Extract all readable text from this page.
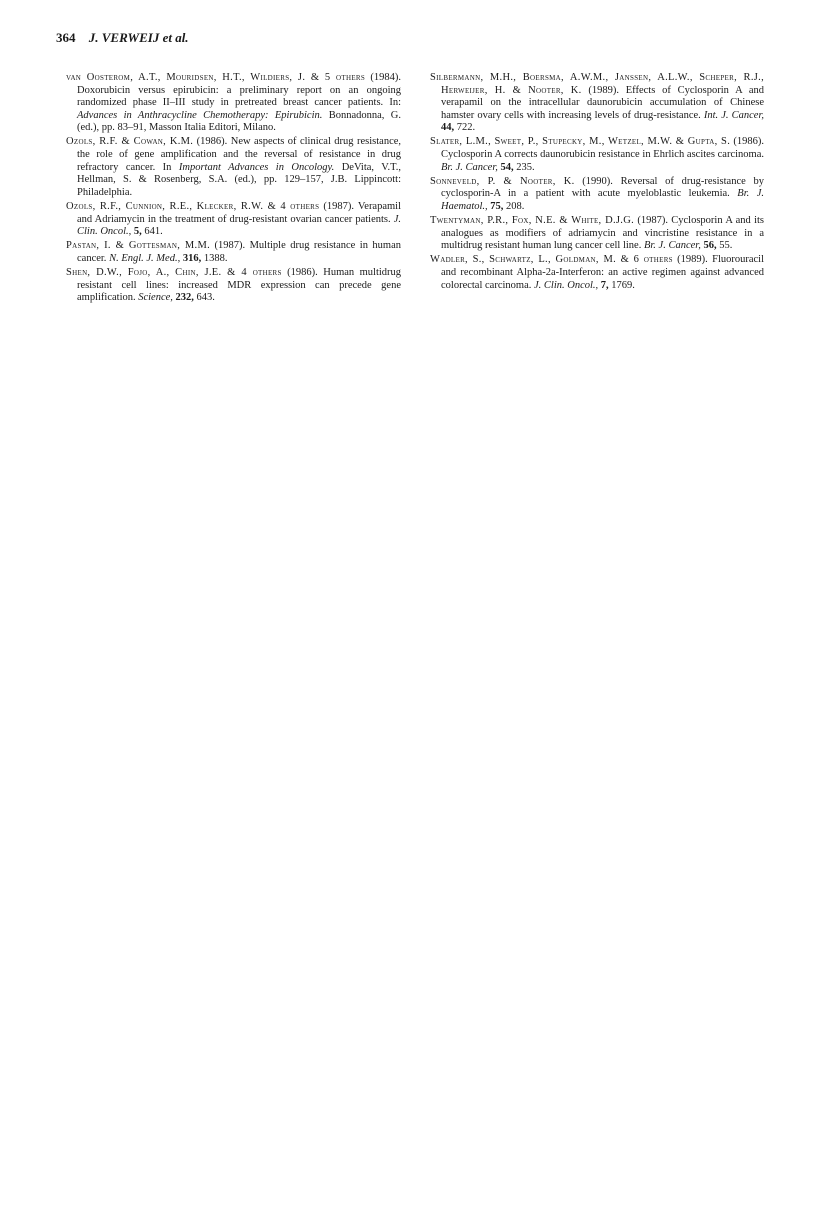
364 J. VERWEIJ et al.

van Oosterom, A.T., Mouridsen, H.T., Wildiers, J. & 5 others (1984). Doxorubicin versus epirubicin: a preliminary report on an ongoing randomized phase II–III study in pretreated breast cancer patients. In: Advances in Anthracycline Chemotherapy: Epirubicin. Bonnadonna, G. (ed.), pp. 83–91, Masson Italia Editori, Milano.

Ozols, R.F. & Cowan, K.M. (1986). New aspects of clinical drug resistance, the role of gene amplification and the reversal of resistance in drug refractory cancer. In Important Advances in Oncology. DeVita, V.T., Hellman, S. & Rosenberg, S.A. (ed.), pp. 129–157, J.B. Lippincott: Philadelphia.

Ozols, R.F., Cunnion, R.E., Klecker, R.W. & 4 others (1987). Verapamil and Adriamycin in the treatment of drug-resistant ovarian cancer patients. J. Clin. Oncol., 5, 641.

Pastan, I. & Gottesman, M.M. (1987). Multiple drug resistance in human cancer. N. Engl. J. Med., 316, 1388.

Shen, D.W., Fojo, A., Chin, J.E. & 4 others (1986). Human multidrug resistant cell lines: increased MDR expression can precede gene amplification. Science, 232, 643.

Silbermann, M.H., Boersma, A.W.M., Janssen, A.L.W., Scheper, R.J., Herweijer, H. & Nooter, K. (1989). Effects of Cyclosporin A and verapamil on the intracellular daunorubicin accumulation of Chinese hamster ovary cells with increasing levels of drug-resistance. Int. J. Cancer, 44, 722.

Slater, L.M., Sweet, P., Stupecky, M., Wetzel, M.W. & Gupta, S. (1986). Cyclosporin A corrects daunorubicin resistance in Ehrlich ascites carcinoma. Br. J. Cancer, 54, 235.

Sonneveld, P. & Nooter, K. (1990). Reversal of drug-resistance by cyclosporin-A in a patient with acute myeloblastic leukemia. Br. J. Haematol., 75, 208.

Twentyman, P.R., Fox, N.E. & White, D.J.G. (1987). Cyclosporin A and its analogues as modifiers of adriamycin and vincristine resistance in a multidrug resistant human lung cancer cell line. Br. J. Cancer, 56, 55.

Wadler, S., Schwartz, L., Goldman, M. & 6 others (1989). Fluorouracil and recombinant Alpha-2a-Interferon: an active regimen against advanced colorectal carcinoma. J. Clin. Oncol., 7, 1769.
